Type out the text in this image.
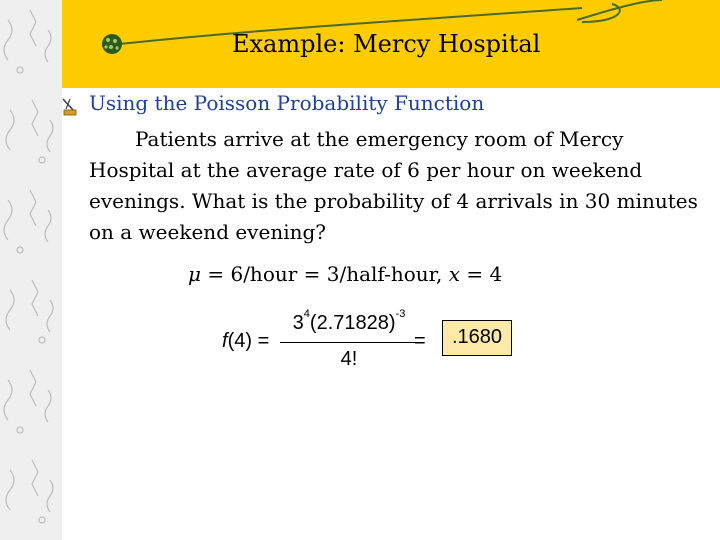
Example: Mercy Hospital
Using the Poisson Probability Function
Patients arrive at the emergency room of Mercy Hospital at the average rate of 6 per hour on weekend evenings. What is the probability of 4 arrivals in 30 minutes on a weekend evening?
μ = 6/hour = 3/half-hour, x = 4
f(4) =
$3^4(2.71828)^{-3}$
4!
=	.1680
